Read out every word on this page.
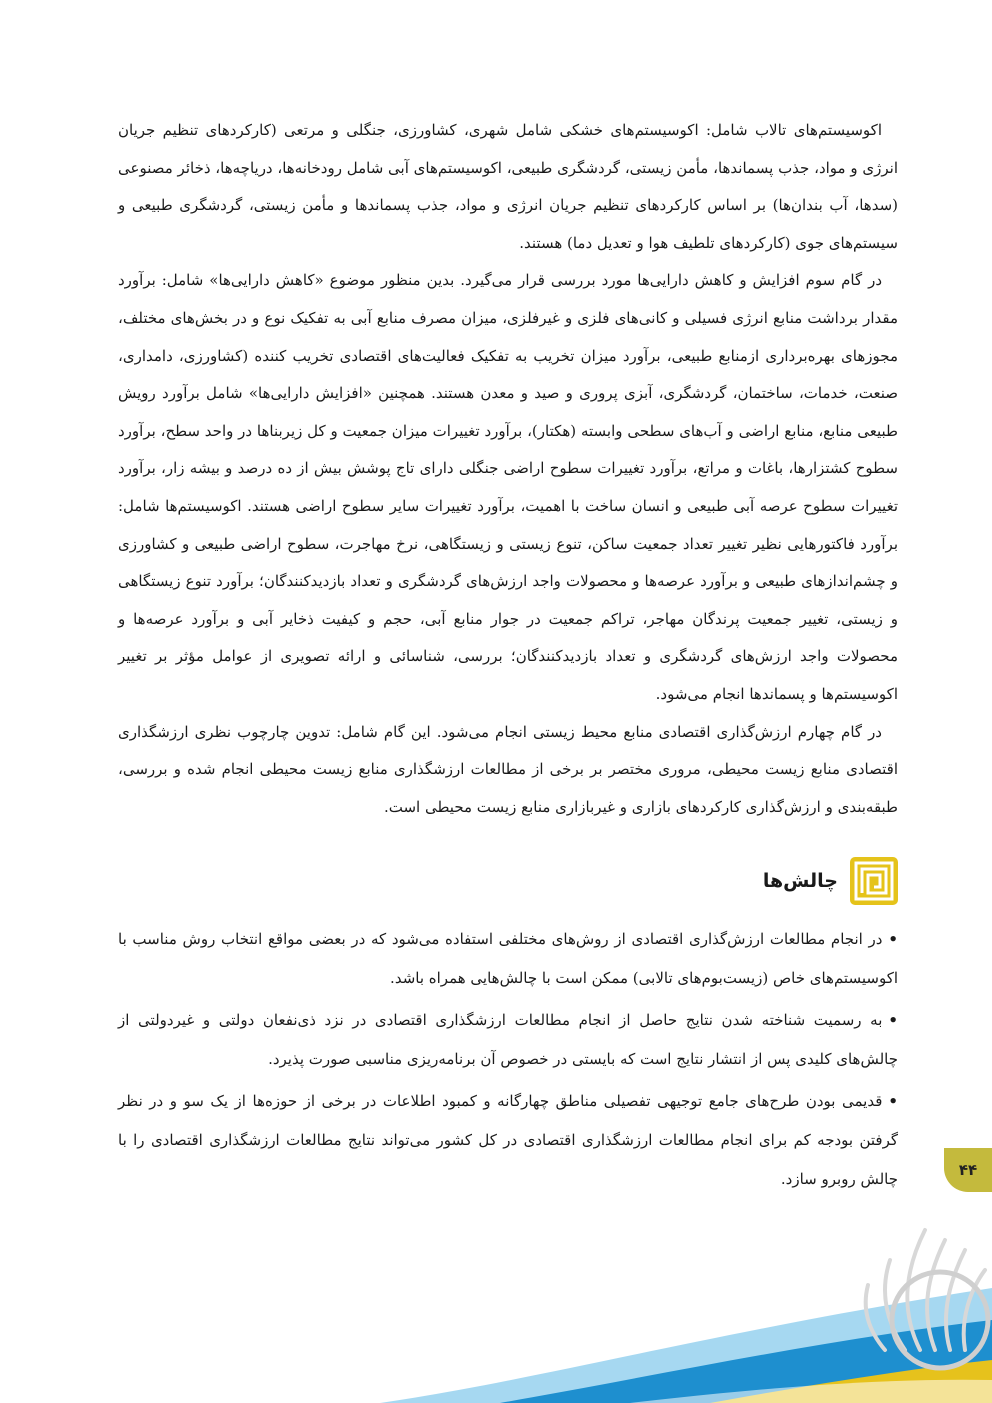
اکوسیستم‌های تالاب شامل: اکوسیستم‌های خشکی شامل شهری، کشاورزی، جنگلی و مرتعی (کارکردهای تنظیم جریان انرژی و مواد، جذب پسماندها، مأمن زیستی، گردشگری طبیعی، اکوسیستم‌های آبی شامل رودخانه‌ها، دریاچه‌ها، ذخائر مصنوعی (سدها، آب بندان‌ها) بر اساس کارکردهای تنظیم جریان انرژی و مواد، جذب پسماندها و مأمن زیستی، گردشگری طبیعی و سیستم‌های جوی (کارکردهای تلطیف هوا و تعدیل دما) هستند.

در گام سوم افزایش و کاهش دارایی‌ها مورد بررسی قرار می‌گیرد. بدین منظور موضوع «کاهش دارایی‌ها» شامل: برآورد مقدار برداشت منابع انرژی فسیلی و کانی‌های فلزی و غیرفلزی، میزان مصرف منابع آبی به تفکیک نوع و در بخش‌های مختلف، مجوزهای بهره‌برداری ازمنابع طبیعی، برآورد میزان تخریب به تفکیک فعالیت‌های اقتصادی تخریب کننده (کشاورزی، دامداری، صنعت، خدمات، ساختمان، گردشگری، آبزی پروری و صید و معدن هستند. همچنین «افزایش دارایی‌ها» شامل برآورد رویش طبیعی منابع، منابع اراضی و آب‌های سطحی وابسته (هکتار)، برآورد تغییرات میزان جمعیت و کل زیربناها در واحد سطح، برآورد سطوح کشتزارها، باغات و مراتع، برآورد تغییرات سطوح اراضی جنگلی دارای تاج پوشش بیش از ده درصد و بیشه زار، برآورد تغییرات سطوح عرصه آبی طبیعی و انسان ساخت با اهمیت، برآورد تغییرات سایر سطوح اراضی هستند. اکوسیستم‌ها شامل: برآورد فاکتورهایی نظیر تغییر تعداد جمعیت ساکن، تنوع زیستی و زیستگاهی، نرخ مهاجرت، سطوح اراضی طبیعی و کشاورزی و چشم‌اندازهای طبیعی و برآورد عرصه‌ها و محصولات واجد ارزش‌های گردشگری و تعداد بازدیدکنندگان؛ برآورد تنوع زیستگاهی و زیستی، تغییر جمعیت پرندگان مهاجر، تراکم جمعیت در جوار منابع آبی، حجم و کیفیت ذخایر آبی و برآورد عرصه‌ها و محصولات واجد ارزش‌های گردشگری و تعداد بازدیدکنندگان؛ بررسی، شناسائی و ارائه تصویری از عوامل مؤثر بر تغییر اکوسیستم‌ها و پسماندها انجام می‌شود.

در گام چهارم ارزش‌گذاری اقتصادی منابع محیط زیستی انجام می‌شود. این گام شامل: تدوین چارچوب نظری ارزشگذاری اقتصادی منابع زیست محیطی، مروری مختصر بر برخی از مطالعات ارزشگذاری منابع زیست محیطی انجام شده و بررسی، طبقه‌بندی و ارزش‌گذاری کارکردهای بازاری و غیربازاری منابع زیست محیطی است.

چالش‌ها

•در انجام مطالعات ارزش‌گذاری اقتصادی از روش‌های مختلفی استفاده می‌شود که در بعضی مواقع انتخاب روش مناسب با اکوسیستم‌های خاص (زیست‌بوم‌های تالابی) ممکن است با چالش‌هایی همراه باشد.

•به رسمیت شناخته شدن نتایج حاصل از انجام مطالعات ارزشگذاری اقتصادی در نزد ذی‌نفعان دولتی و غیردولتی از چالش‌های کلیدی پس از انتشار نتایج است که بایستی در خصوص آن برنامه‌ریزی مناسبی صورت پذیرد.

•قدیمی بودن طرح‌های جامع توجیهی تفصیلی مناطق چهارگانه و کمبود اطلاعات در برخی از حوزه‌ها از یک سو و در نظر گرفتن بودجه کم برای انجام مطالعات ارزشگذاری اقتصادی در کل کشور می‌تواند نتایج مطالعات ارزشگذاری اقتصادی را با چالش روبرو سازد.	۴۴
